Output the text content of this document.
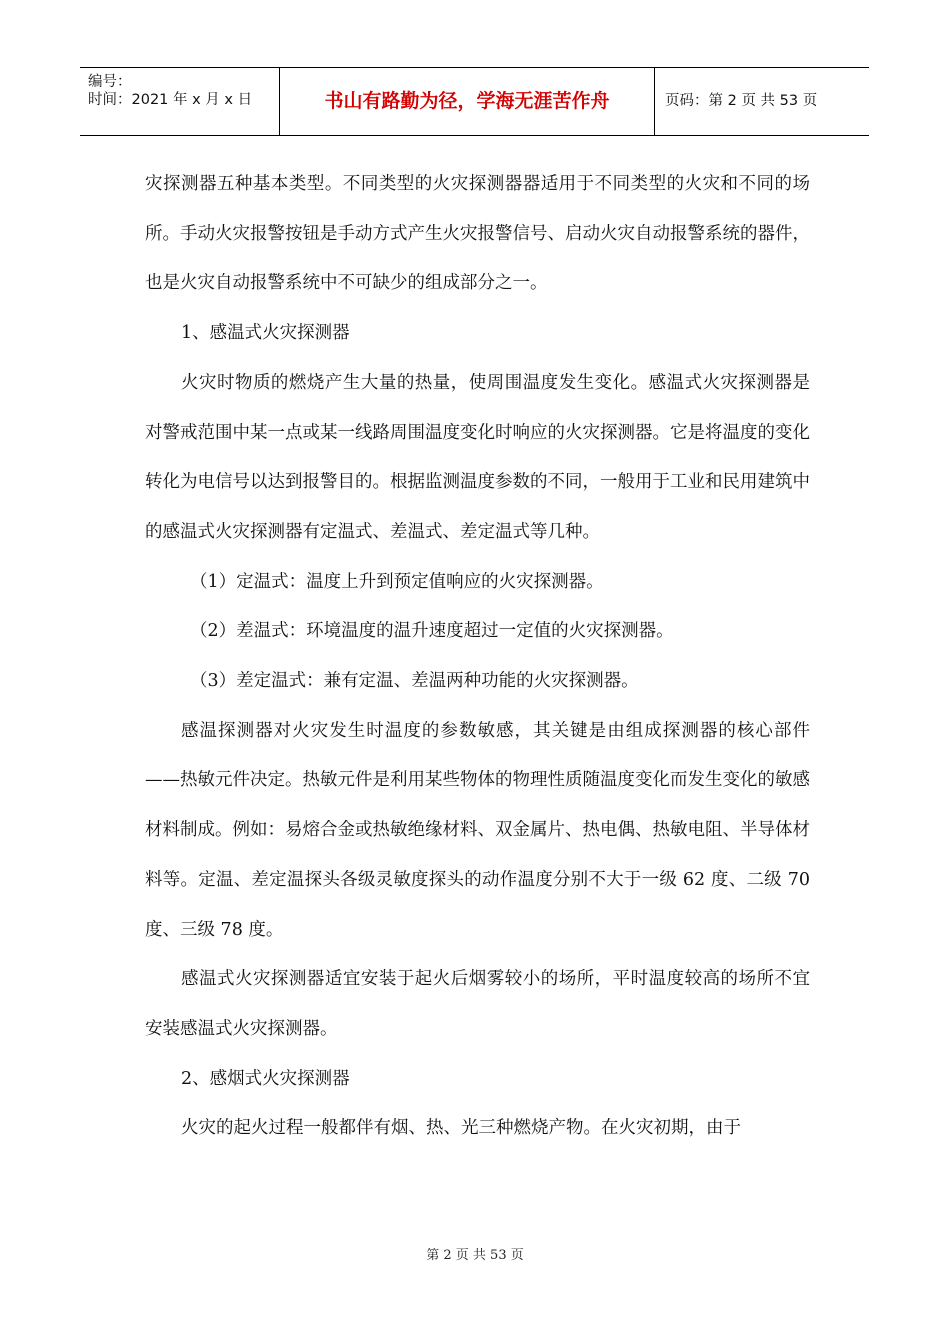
编号：
时间：2021 年 x 月 x 日	书山有路勤为径，学海无涯苦作舟	页码：第 2 页 共 53 页

灾探测器五种基本类型。不同类型的火灾探测器器适用于不同类型的火灾和不同的场所。手动火灾报警按钮是手动方式产生火灾报警信号、启动火灾自动报警系统的器件，也是火灾自动报警系统中不可缺少的组成部分之一。

1、感温式火灾探测器

火灾时物质的燃烧产生大量的热量，使周围温度发生变化。感温式火灾探测器是对警戒范围中某一点或某一线路周围温度变化时响应的火灾探测器。它是将温度的变化转化为电信号以达到报警目的。根据监测温度参数的不同，一般用于工业和民用建筑中的感温式火灾探测器有定温式、差温式、差定温式等几种。

（1）定温式：温度上升到预定值响应的火灾探测器。

（2）差温式：环境温度的温升速度超过一定值的火灾探测器。

（3）差定温式：兼有定温、差温两种功能的火灾探测器。

感温探测器对火灾发生时温度的参数敏感，其关键是由组成探测器的核心部件——热敏元件决定。热敏元件是利用某些物体的物理性质随温度变化而发生变化的敏感材料制成。例如：易熔合金或热敏绝缘材料、双金属片、热电偶、热敏电阻、半导体材料等。定温、差定温探头各级灵敏度探头的动作温度分别不大于一级 62 度、二级 70 度、三级 78 度。

感温式火灾探测器适宜安装于起火后烟雾较小的场所，平时温度较高的场所不宜安装感温式火灾探测器。

2、感烟式火灾探测器

火灾的起火过程一般都伴有烟、热、光三种燃烧产物。在火灾初期，由于

第 2 页 共 53 页
